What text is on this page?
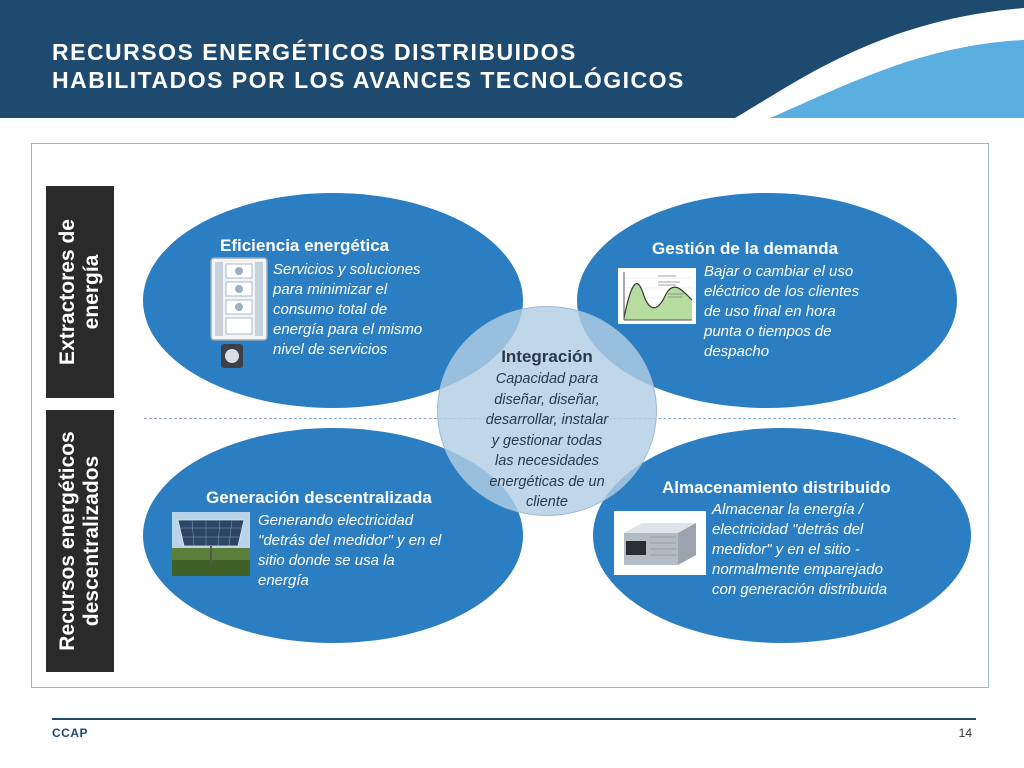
RECURSOS ENERGÉTICOS DISTRIBUIDOS
HABILITADOS POR LOS AVANCES TECNOLÓGICOS
Extractores de energía
Recursos energéticos descentralizados
Eficiencia energética
Servicios y soluciones
para minimizar el
consumo total de
energía para el mismo
nivel de servicios
Gestión de la demanda
Bajar o cambiar el uso
eléctrico de los clientes
de uso final en hora
punta o tiempos de
despacho
Generación descentralizada
Generando electricidad
"detrás del medidor" y en el
sitio donde se usa la
energía
Almacenamiento distribuido
Almacenar la energía /
electricidad "detrás del
medidor" y en el sitio -
normalmente emparejado
con generación distribuida
Integración
Capacidad para
diseñar, diseñar,
desarrollar, instalar
y gestionar todas
las necesidades
energéticas de un
cliente
CCAP	14
